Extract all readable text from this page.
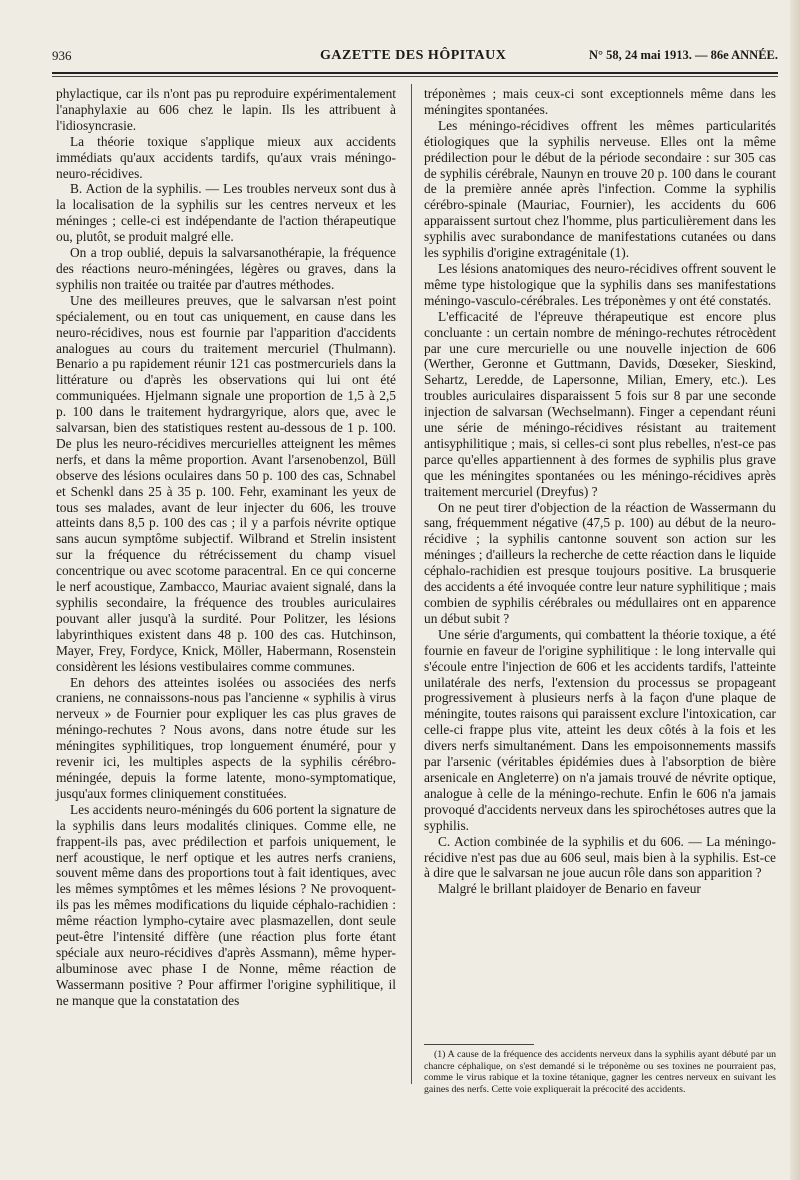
936	GAZETTE DES HÔPITAUX	N° 58, 24 mai 1913. — 86e ANNÉE.

phylactique, car ils n'ont pas pu reproduire expérimentalement l'anaphylaxie au 606 chez le lapin. Ils les attribuent à l'idiosyncrasie.

La théorie toxique s'applique mieux aux accidents immédiats qu'aux accidents tardifs, qu'aux vrais méningo-neuro-récidives.

B. Action de la syphilis. — Les troubles nerveux sont dus à la localisation de la syphilis sur les centres nerveux et les méninges ; celle-ci est indépendante de l'action thérapeutique ou, plutôt, se produit malgré elle.

On a trop oublié, depuis la salvarsanothérapie, la fréquence des réactions neuro-méningées, légères ou graves, dans la syphilis non traitée ou traitée par d'autres méthodes.

Une des meilleures preuves, que le salvarsan n'est point spécialement, ou en tout cas uniquement, en cause dans les neuro-récidives, nous est fournie par l'apparition d'accidents analogues au cours du traitement mercuriel (Thulmann). Benario a pu rapidement réunir 121 cas postmercuriels dans la littérature ou d'après les observations qui lui ont été communiquées. Hjelmann signale une proportion de 1,5 à 2,5 p. 100 dans le traitement hydrargyrique, alors que, avec le salvarsan, bien des statistiques restent au-dessous de 1 p. 100. De plus les neuro-récidives mercurielles atteignent les mêmes nerfs, et dans la même proportion. Avant l'arsenobenzol, Büll observe des lésions oculaires dans 50 p. 100 des cas, Schnabel et Schenkl dans 25 à 35 p. 100. Fehr, examinant les yeux de tous ses malades, avant de leur injecter du 606, les trouve atteints dans 8,5 p. 100 des cas ; il y a parfois névrite optique sans aucun symptôme subjectif. Wilbrand et Strelin insistent sur la fréquence du rétrécissement du champ visuel concentrique ou avec scotome paracentral. En ce qui concerne le nerf acoustique, Zambacco, Mauriac avaient signalé, dans la syphilis secondaire, la fréquence des troubles auriculaires pouvant aller jusqu'à la surdité. Pour Politzer, les lésions labyrinthiques existent dans 48 p. 100 des cas. Hutchinson, Mayer, Frey, Fordyce, Knick, Möller, Habermann, Rosenstein considèrent les lésions vestibulaires comme communes.

En dehors des atteintes isolées ou associées des nerfs craniens, ne connaissons-nous pas l'ancienne « syphilis à virus nerveux » de Fournier pour expliquer les cas plus graves de méningo-rechutes ? Nous avons, dans notre étude sur les méningites syphilitiques, trop longuement énuméré, pour y revenir ici, les multiples aspects de la syphilis cérébro-méningée, depuis la forme latente, mono-symptomatique, jusqu'aux formes cliniquement constituées.

Les accidents neuro-méningés du 606 portent la signature de la syphilis dans leurs modalités cliniques. Comme elle, ne frappent-ils pas, avec prédilection et parfois uniquement, le nerf acoustique, le nerf optique et les autres nerfs craniens, souvent même dans des proportions tout à fait identiques, avec les mêmes symptômes et les mêmes lésions ? Ne provoquent-ils pas les mêmes modifications du liquide céphalo-rachidien : même réaction lympho-cytaire avec plasmazellen, dont seule peut-être l'intensité diffère (une réaction plus forte étant spéciale aux neuro-récidives d'après Assmann), même hyper-albuminose avec phase I de Nonne, même réaction de Wassermann positive ? Pour affirmer l'origine syphilitique, il ne manque que la constatation des

tréponèmes ; mais ceux-ci sont exceptionnels même dans les méningites spontanées.

Les méningo-récidives offrent les mêmes particularités étiologiques que la syphilis nerveuse. Elles ont la même prédilection pour le début de la période secondaire : sur 305 cas de syphilis cérébrale, Naunyn en trouve 20 p. 100 dans le courant de la première année après l'infection. Comme la syphilis cérébro-spinale (Mauriac, Fournier), les accidents du 606 apparaissent surtout chez l'homme, plus particulièrement dans les syphilis avec surabondance de manifestations cutanées ou dans les syphilis d'origine extragénitale (1).

Les lésions anatomiques des neuro-récidives offrent souvent le même type histologique que la syphilis dans ses manifestations méningo-vasculo-cérébrales. Les tréponèmes y ont été constatés.

L'efficacité de l'épreuve thérapeutique est encore plus concluante : un certain nombre de méningo-rechutes rétrocèdent par une cure mercurielle ou une nouvelle injection de 606 (Werther, Geronne et Guttmann, Davids, Dœseker, Sieskind, Sehartz, Leredde, de Lapersonne, Milian, Emery, etc.). Les troubles auriculaires disparaissent 5 fois sur 8 par une seconde injection de salvarsan (Wechselmann). Finger a cependant réuni une série de méningo-récidives résistant au traitement antisyphilitique ; mais, si celles-ci sont plus rebelles, n'est-ce pas parce qu'elles appartiennent à des formes de syphilis plus grave que les méningites spontanées ou les méningo-récidives après traitement mercuriel (Dreyfus) ?

On ne peut tirer d'objection de la réaction de Wassermann du sang, fréquemment négative (47,5 p. 100) au début de la neuro-récidive ; la syphilis cantonne souvent son action sur les méninges ; d'ailleurs la recherche de cette réaction dans le liquide céphalo-rachidien est presque toujours positive. La brusquerie des accidents a été invoquée contre leur nature syphilitique ; mais combien de syphilis cérébrales ou médullaires ont en apparence un début subit ?

Une série d'arguments, qui combattent la théorie toxique, a été fournie en faveur de l'origine syphilitique : le long intervalle qui s'écoule entre l'injection de 606 et les accidents tardifs, l'atteinte unilatérale des nerfs, l'extension du processus se propageant progressivement à plusieurs nerfs à la façon d'une plaque de méningite, toutes raisons qui paraissent exclure l'intoxication, car celle-ci frappe plus vite, atteint les deux côtés à la fois et les divers nerfs simultanément. Dans les empoisonnements massifs par l'arsenic (véritables épidémies dues à l'absorption de bière arsenicale en Angleterre) on n'a jamais trouvé de névrite optique, analogue à celle de la méningo-rechute. Enfin le 606 n'a jamais provoqué d'accidents nerveux dans les spirochétoses autres que la syphilis.

C. Action combinée de la syphilis et du 606. — La méningo-récidive n'est pas due au 606 seul, mais bien à la syphilis. Est-ce à dire que le salvarsan ne joue aucun rôle dans son apparition ?

Malgré le brillant plaidoyer de Benario en faveur

(1) A cause de la fréquence des accidents nerveux dans la syphilis ayant débuté par un chancre céphalique, on s'est demandé si le tréponème ou ses toxines ne pourraient pas, comme le virus rabique et la toxine tétanique, gagner les centres nerveux en suivant les gaines des nerfs. Cette voie expliquerait la précocité des accidents.
